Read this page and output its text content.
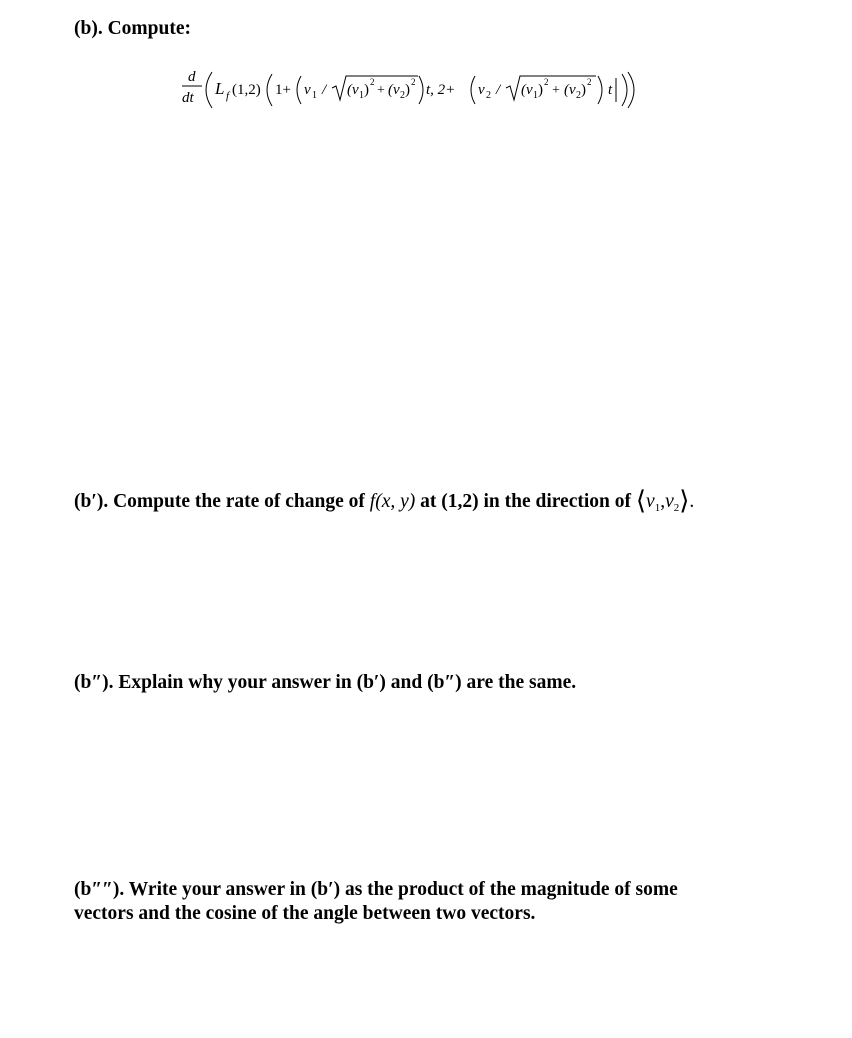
(b). Compute:
d
dt L f (1,2) 1+ v 1 / (v 1 ) 2
+ (v 2 ) 2 t, 2+ v 2 / (v 1 ) 2
+ (v 2 ) 2 t
(b′). Compute the rate of change of f(x, y) at (1,2) in the direction of $⟨v_1,v_2⟩$.
(b″). Explain why your answer in (b′) and (b″) are the same.
(b″″). Write your answer in (b′) as the product of the magnitude of some
vectors and the cosine of the angle between two vectors.
